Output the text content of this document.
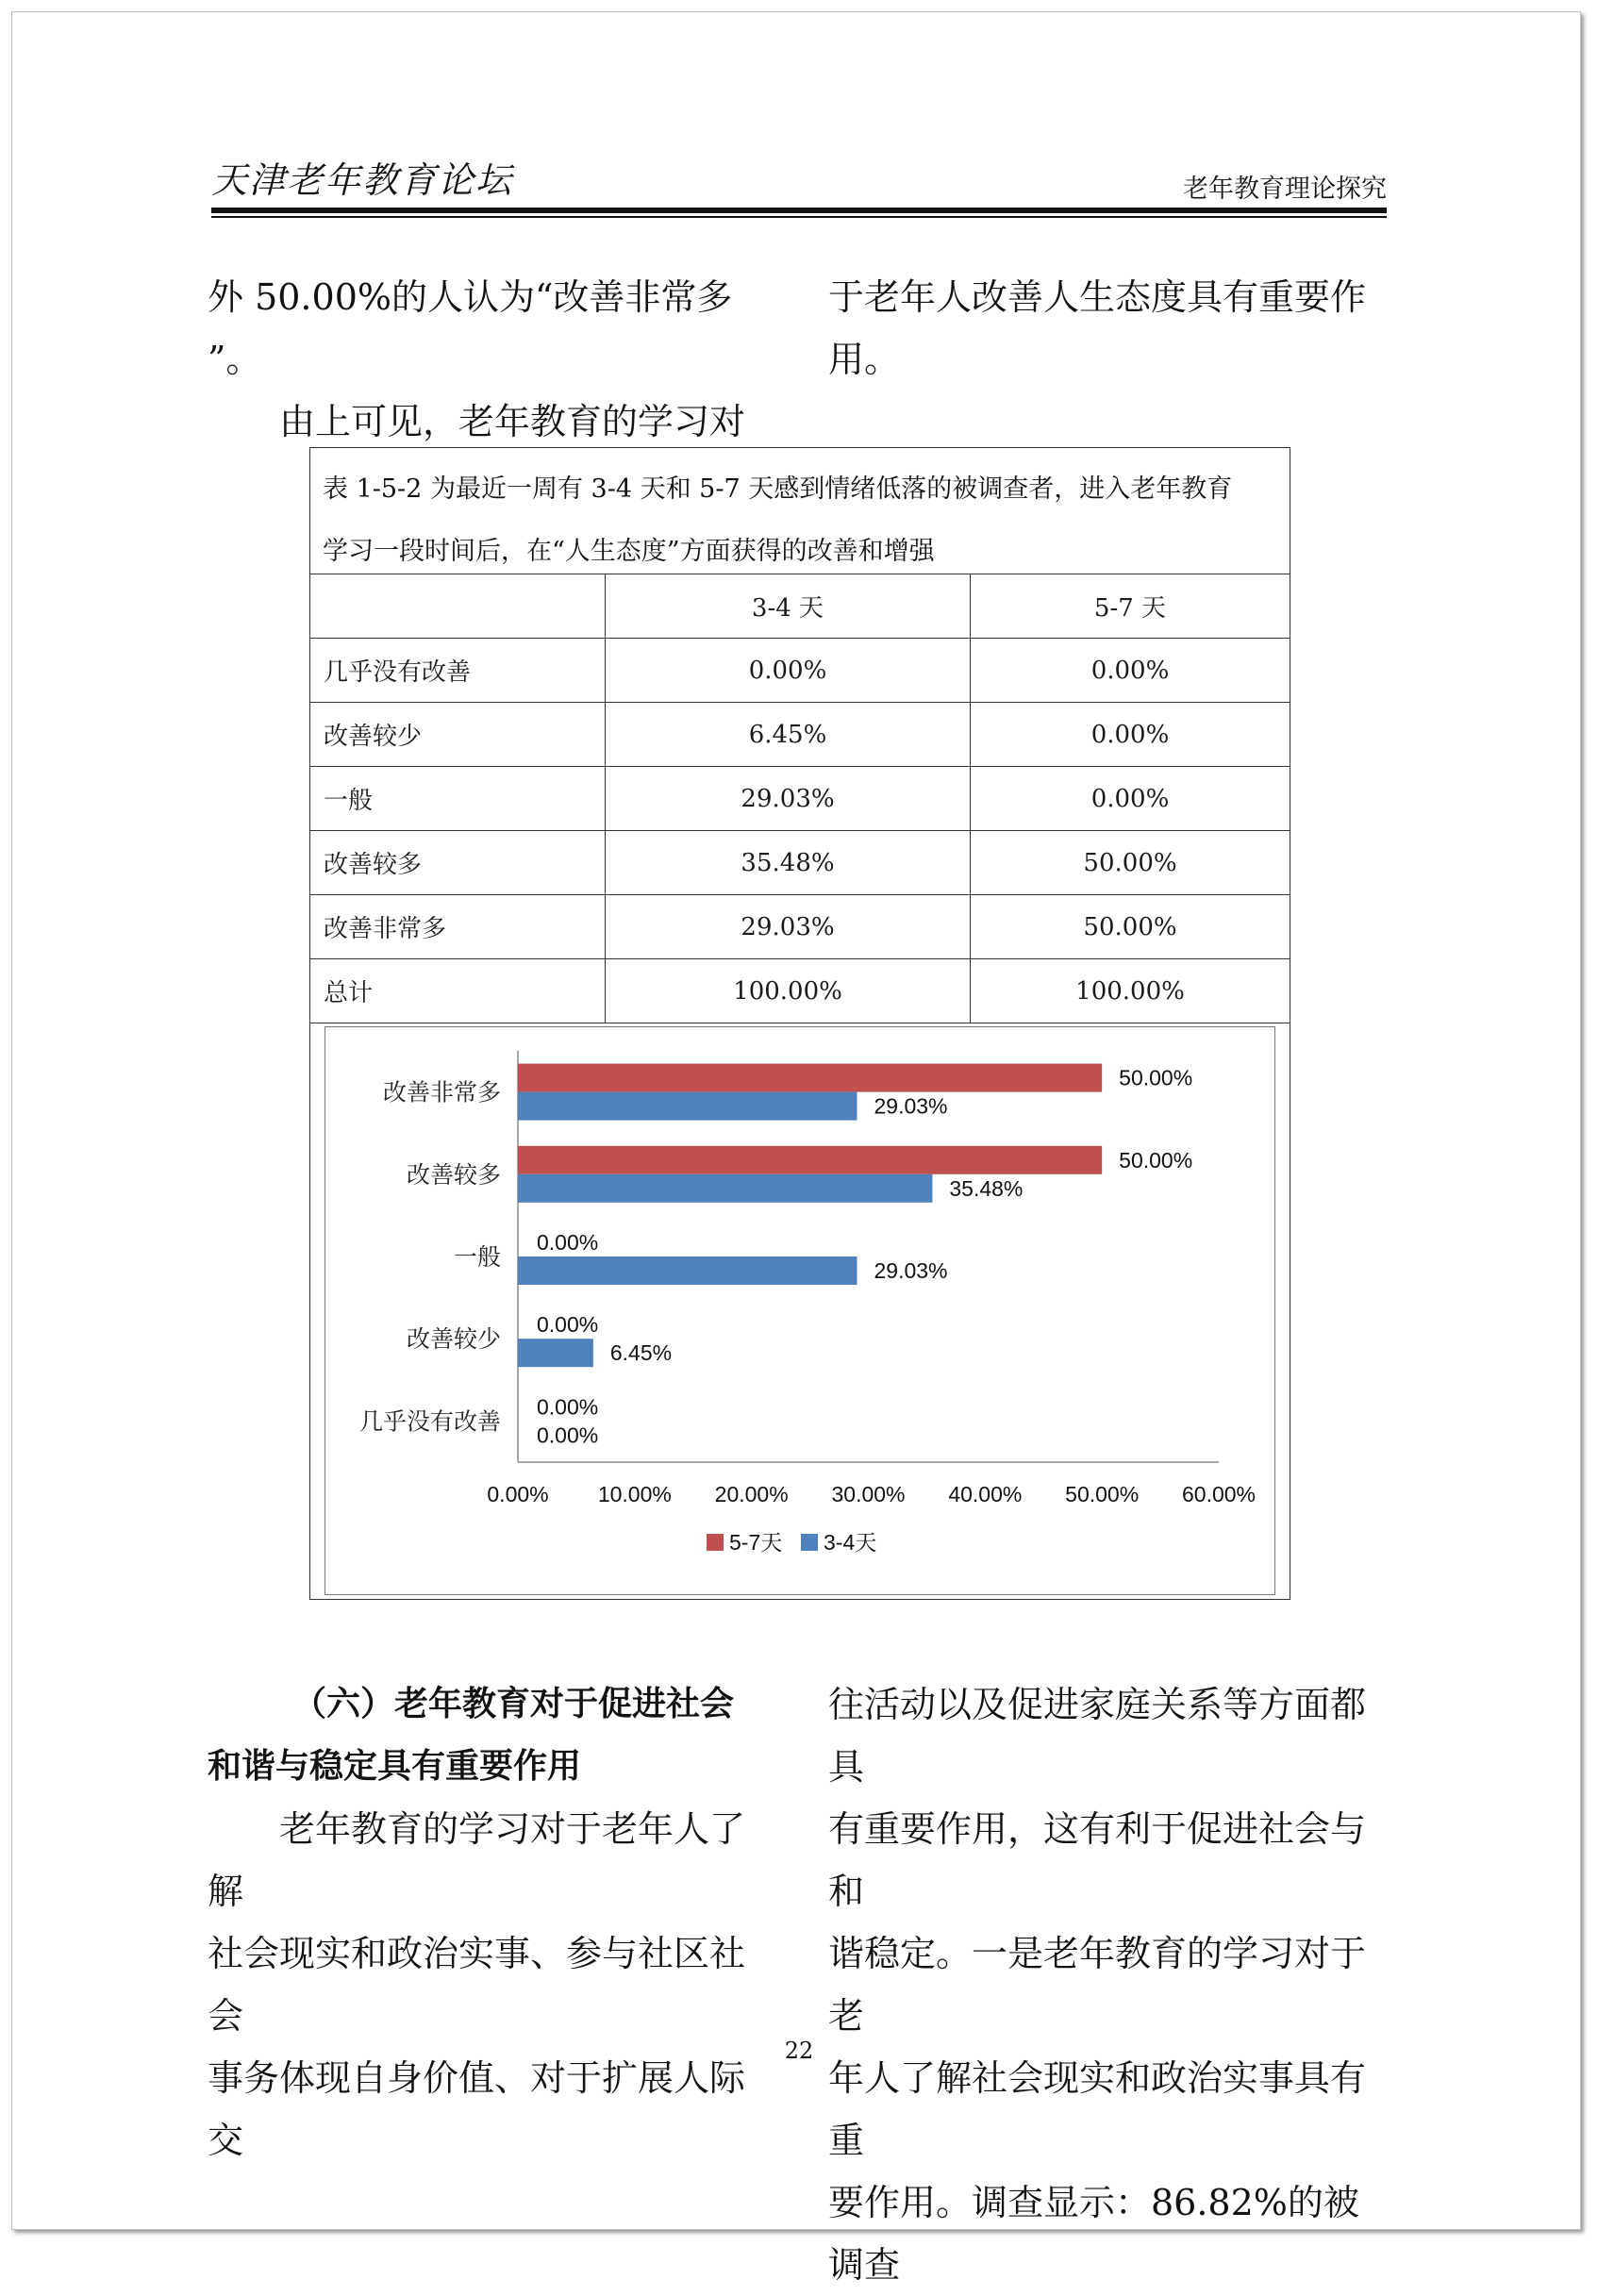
天津老年教育论坛	老年教育理论探究
外 50.00%的人认为“改善非常多 ”。
由上可见，老年教育的学习对
于老年人改善人生态度具有重要作
用。
表 1-5-2 为最近一周有 3-4 天和 5-7 天感到情绪低落的被调查者，进入老年教育
学习一段时间后，在“人生态度”方面获得的改善和增强
	3-4 天	5-7 天
几乎没有改善	0.00%	0.00%
改善较少	6.45%	0.00%
一般	29.03%	0.00%
改善较多	35.48%	50.00%
改善非常多	29.03%	50.00%
总计	100.00%	100.00%
改善非常多
50.00%
29.03%
改善较多
50.00%
35.48%
一般
0.00%
29.03%
改善较少
0.00%
6.45%
几乎没有改善
0.00%
0.00%
0.00% 10.00% 20.00% 30.00% 40.00% 50.00% 60.00%
5-7天 3-4天
（六）老年教育对于促进社会
和谐与稳定具有重要作用
老年教育的学习对于老年人了解
社会现实和政治实事、参与社区社会
事务体现自身价值、对于扩展人际交
往活动以及促进家庭关系等方面都具
有重要作用，这有利于促进社会与和
谐稳定。一是老年教育的学习对于老
年人了解社会现实和政治实事具有重
要作用。调查显示：86.82%的被调查
22
